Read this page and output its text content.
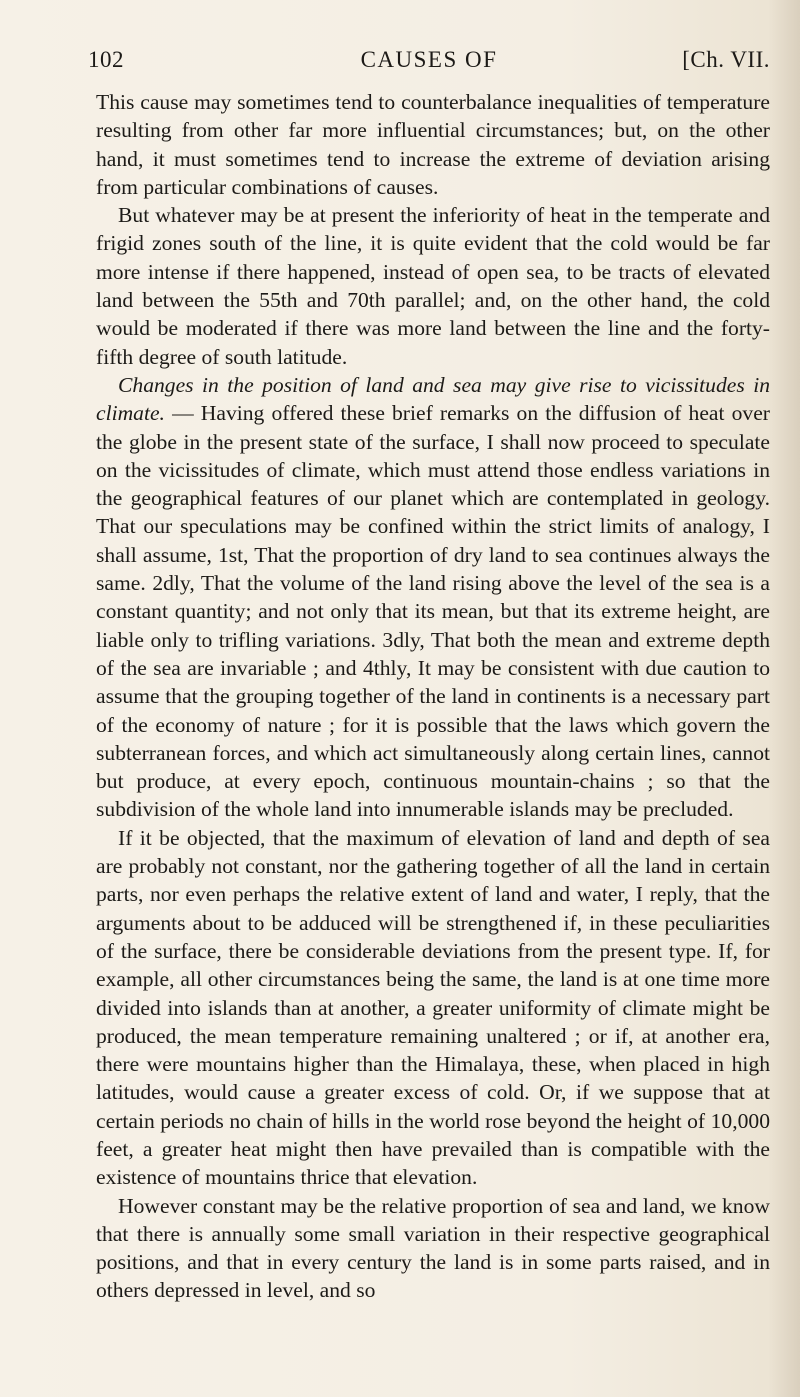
102	CAUSES OF	[Ch. VII.

This cause may sometimes tend to counterbalance inequalities of temperature resulting from other far more influential circumstances; but, on the other hand, it must sometimes tend to increase the extreme of deviation arising from particular combinations of causes.

But whatever may be at present the inferiority of heat in the temperate and frigid zones south of the line, it is quite evident that the cold would be far more intense if there happened, instead of open sea, to be tracts of elevated land between the 55th and 70th parallel; and, on the other hand, the cold would be moderated if there was more land between the line and the forty-fifth degree of south latitude.

Changes in the position of land and sea may give rise to vicissitudes in climate. — Having offered these brief remarks on the diffusion of heat over the globe in the present state of the surface, I shall now proceed to speculate on the vicissitudes of climate, which must attend those endless variations in the geographical features of our planet which are contemplated in geology. That our speculations may be confined within the strict limits of analogy, I shall assume, 1st, That the proportion of dry land to sea continues always the same. 2dly, That the volume of the land rising above the level of the sea is a constant quantity; and not only that its mean, but that its extreme height, are liable only to trifling variations. 3dly, That both the mean and extreme depth of the sea are invariable ; and 4thly, It may be consistent with due caution to assume that the grouping together of the land in continents is a necessary part of the economy of nature ; for it is possible that the laws which govern the subterranean forces, and which act simultaneously along certain lines, cannot but produce, at every epoch, continuous mountain-chains ; so that the subdivision of the whole land into innumerable islands may be precluded.

If it be objected, that the maximum of elevation of land and depth of sea are probably not constant, nor the gathering together of all the land in certain parts, nor even perhaps the relative extent of land and water, I reply, that the arguments about to be adduced will be strengthened if, in these peculiarities of the surface, there be considerable deviations from the present type. If, for example, all other circumstances being the same, the land is at one time more divided into islands than at another, a greater uniformity of climate might be produced, the mean temperature remaining unaltered ; or if, at another era, there were mountains higher than the Himalaya, these, when placed in high latitudes, would cause a greater excess of cold. Or, if we suppose that at certain periods no chain of hills in the world rose beyond the height of 10,000 feet, a greater heat might then have prevailed than is compatible with the existence of mountains thrice that elevation.

However constant may be the relative proportion of sea and land, we know that there is annually some small variation in their respective geographical positions, and that in every century the land is in some parts raised, and in others depressed in level, and so
